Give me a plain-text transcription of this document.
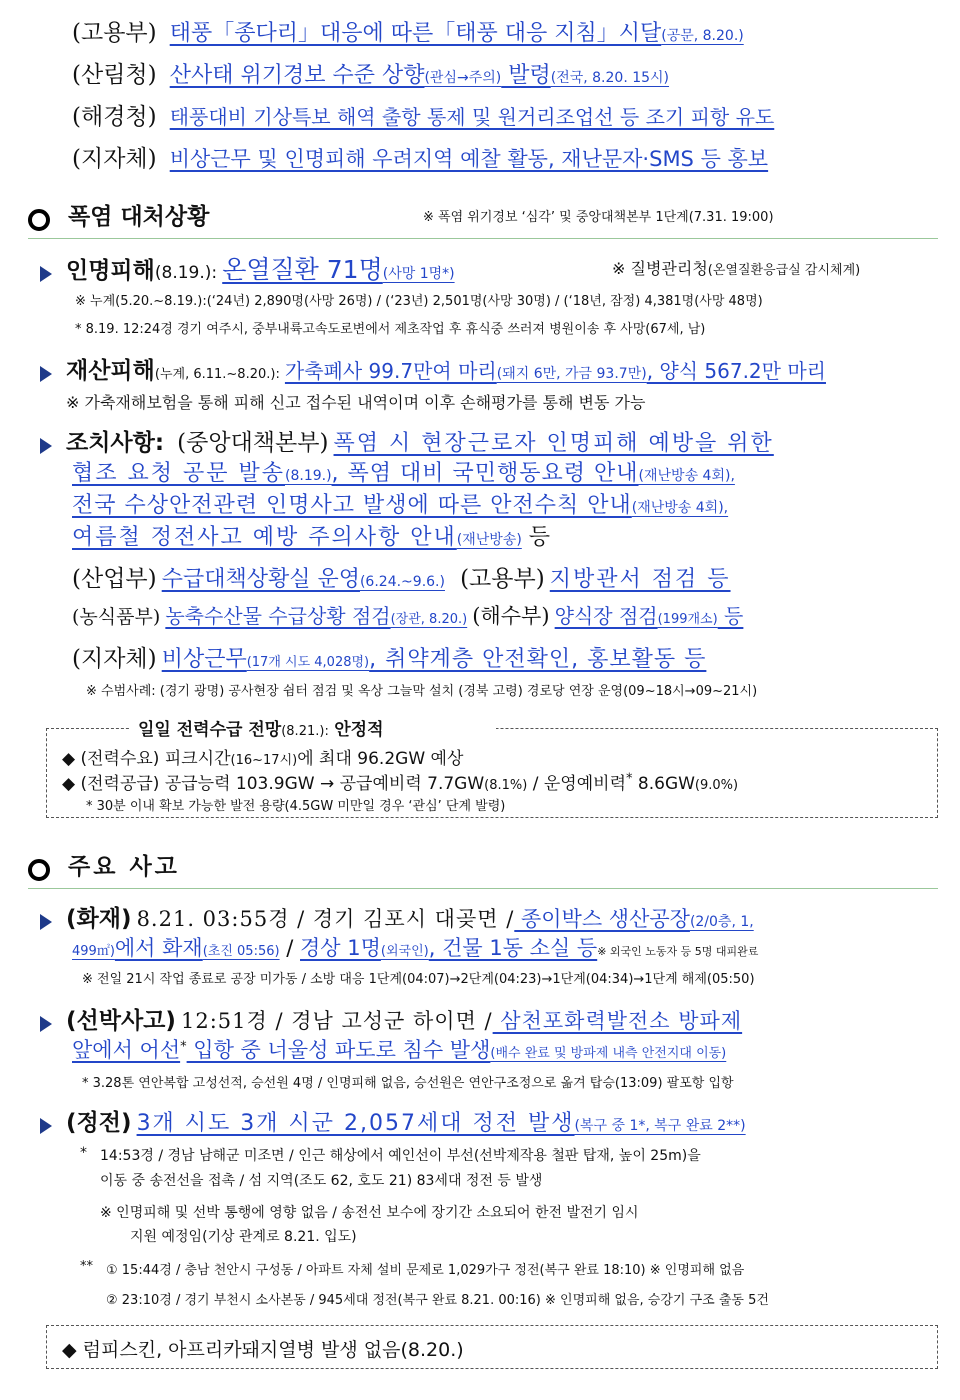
(고용부) 태풍「종다리」대응에 따른「태풍 대응 지침」시달(공문, 8.20.)
(산림청) 산사태 위기경보 수준 상향(관심→주의) 발령(전국, 8.20. 15시)
(해경청) 태풍대비 기상특보 해역 출항 통제 및 원거리조업선 등 조기 피항 유도
(지자체) 비상근무 및 인명피해 우려지역 예찰 활동, 재난문자·SMS 등 홍보
폭염 대처상황	※ 폭염 위기경보 ‘심각’ 및 중앙대책본부 1단계(7.31. 19:00)
인명피해(8.19.): 온열질환 71명(사망 1명*)	※ 질병관리청(온열질환응급실 감시체계)
※ 누계(5.20.~8.19.):(‘24년) 2,890명(사망 26명) / (‘23년) 2,501명(사망 30명) / (‘18년, 잠정) 4,381명(사망 48명)
* 8.19. 12:24경 경기 여주시, 중부내륙고속도로변에서 제초작업 후 휴식중 쓰러져 병원이송 후 사망(67세, 남)
재산피해(누계, 6.11.~8.20.): 가축폐사 99.7만여 마리(돼지 6만, 가금 93.7만), 양식 567.2만 마리
※ 가축재해보험을 통해 피해 신고 접수된 내역이며 이후 손해평가를 통해 변동 가능
조치사항: (중앙대책본부) 폭염 시 현장근로자 인명피해 예방을 위한
협조 요청 공문 발송(8.19.), 폭염 대비 국민행동요령 안내(재난방송 4회),
전국 수상안전관련 인명사고 발생에 따른 안전수칙 안내(재난방송 4회),
여름철 정전사고 예방 주의사항 안내(재난방송) 등
(산업부) 수급대책상황실 운영(6.24.~9.6.) (고용부) 지방관서 점검 등
(농식품부) 농축수산물 수급상황 점검(장관, 8.20.) (해수부) 양식장 점검(199개소) 등
(지자체) 비상근무(17개 시도 4,028명), 취약계층 안전확인, 홍보활동 등
※ 수범사례: (경기 광명) 공사현장 쉼터 점검 및 옥상 그늘막 설치 (경북 고령) 경로당 연장 운영(09~18시→09~21시)
일일 전력수급 전망(8.21.): 안정적
◆ (전력수요) 피크시간(16~17시)에 최대 96.2GW 예상
◆ (전력공급) 공급능력 103.9GW → 공급예비력 7.7GW(8.1%) / 운영예비력* 8.6GW(9.0%)
* 30분 이내 확보 가능한 발전 용량(4.5GW 미만일 경우 ‘관심’ 단계 발령)
주요 사고
(화재) 8.21. 03:55경 / 경기 김포시 대곶면 / 종이박스 생산공장(2/0층, 1,
499㎡)에서 화재(초진 05:56) / 경상 1명(외국인), 건물 1동 소실 등※ 외국인 노동자 등 5명 대피완료
※ 전일 21시 작업 종료로 공장 미가동 / 소방 대응 1단계(04:07)→2단계(04:23)→1단계(04:34)→1단계 해제(05:50)
(선박사고) 12:51경 / 경남 고성군 하이면 / 삼천포화력발전소 방파제
앞에서 어선* 입항 중 너울성 파도로 침수 발생(배수 완료 및 방파제 내측 안전지대 이동)
* 3.28톤 연안복합 고성선적, 승선원 4명 / 인명피해 없음, 승선원은 연안구조정으로 옮겨 탑승(13:09) 팔포항 입항
(정전) 3개 시도 3개 시군 2,057세대 정전 발생(복구 중 1*, 복구 완료 2**)
* 14:53경 / 경남 남해군 미조면 / 인근 해상에서 예인선이 부선(선박제작용 철판 탑재, 높이 25m)을
이동 중 송전선을 접촉 / 섬 지역(조도 62, 호도 21) 83세대 정전 등 발생
※ 인명피해 및 선박 통행에 영향 없음 / 송전선 보수에 장기간 소요되어 한전 발전기 임시
지원 예정임(기상 관계로 8.21. 입도)
** ① 15:44경 / 충남 천안시 구성동 / 아파트 자체 설비 문제로 1,029가구 정전(복구 완료 18:10) ※ 인명피해 없음
② 23:10경 / 경기 부천시 소사본동 / 945세대 정전(복구 완료 8.21. 00:16) ※ 인명피해 없음, 승강기 구조 출동 5건
◆ 럼피스킨, 아프리카돼지열병 발생 없음(8.20.)
